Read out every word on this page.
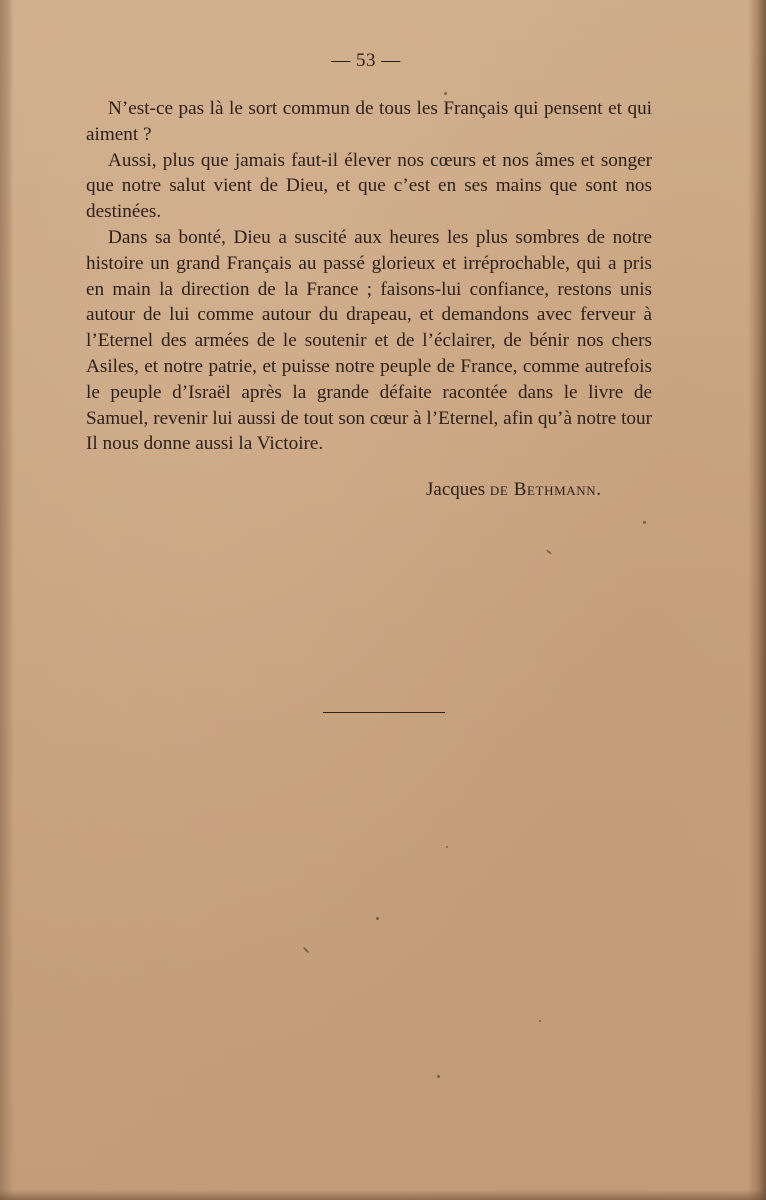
— 53 —

N’est-ce pas là le sort commun de tous les Français qui pensent et qui aiment ?

Aussi, plus que jamais faut-il élever nos cœurs et nos âmes et songer que notre salut vient de Dieu, et que c’est en ses mains que sont nos destinées.

Dans sa bonté, Dieu a suscité aux heures les plus sombres de notre histoire un grand Français au passé glorieux et irréprochable, qui a pris en main la direction de la France ; faisons-lui confiance, restons unis autour de lui comme autour du drapeau, et demandons avec ferveur à l’Eternel des armées de le soutenir et de l’éclairer, de bénir nos chers Asiles, et notre patrie, et puisse notre peuple de France, comme autrefois le peuple d’Israël après la grande défaite racontée dans le livre de Samuel, revenir lui aussi de tout son cœur à l’Eternel, afin qu’à notre tour Il nous donne aussi la Victoire.

Jacques de Bethmann.
